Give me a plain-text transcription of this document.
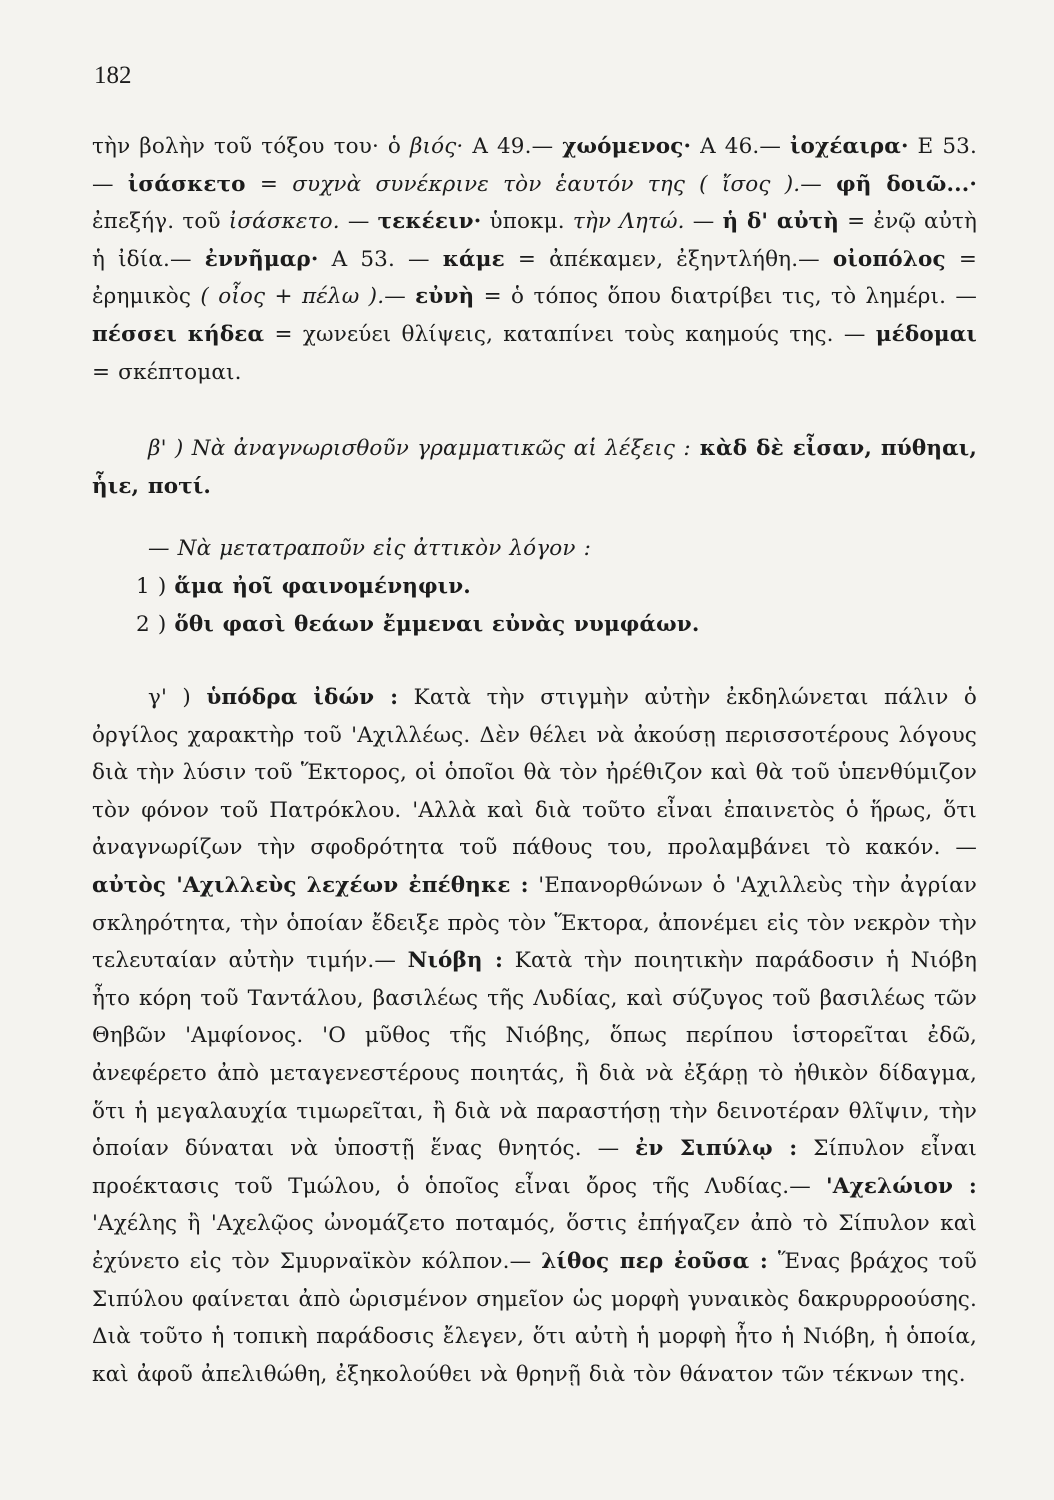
182

τὴν βολὴν τοῦ τόξου του· ὁ βιός· Α 49.— χωόμενος· Α 46.— ἰοχέαιρα· Ε 53.— ἰσάσκετο = συχνὰ συνέκρινε τὸν ἑαυτόν της ( ἴσος ).— φῆ δοιῶ...· ἐπεξήγ. τοῦ ἰσάσκετο. — τεκέειν· ὑποκμ. τὴν Λητώ. — ἡ δ' αὐτὴ = ἐνῷ αὐτὴ ἡ ἰδία.— ἐννῆμαρ· Α 53. — κάμε = ἀπέκαμεν, ἐξηντλήθη.— οἰοπόλος = ἐρημικὸς ( οἶος + πέλω ).— εὐνὴ = ὁ τόπος ὅπου διατρίβει τις, τὸ λημέρι. — πέσσει κήδεα = χωνεύει θλίψεις, καταπίνει τοὺς καημούς της. — μέδομαι = σκέπτομαι.

β' ) Νὰ ἀναγνωρισθοῦν γραμματικῶς αἱ λέξεις : κὰδ δὲ εἶσαν, πύθηαι, ἧιε, ποτί.

— Νὰ μετατραποῦν εἰς ἀττικὸν λόγον :

1 ) ἅμα ἠοῖ φαινομένηφιν.

2 ) ὅθι φασὶ θεάων ἔμμεναι εὐνὰς νυμφάων.

γ' ) ὑπόδρα ἰδών : Κατὰ τὴν στιγμὴν αὐτὴν ἐκδηλώνεται πάλιν ὁ ὀργίλος χαρακτὴρ τοῦ 'Αχιλλέως. Δὲν θέλει νὰ ἀκούσῃ περισσοτέρους λόγους διὰ τὴν λύσιν τοῦ Ἕκτορος, οἱ ὁποῖοι θὰ τὸν ἠρέθιζον καὶ θὰ τοῦ ὑπενθύμιζον τὸν φόνον τοῦ Πατρόκλου. 'Αλλὰ καὶ διὰ τοῦτο εἶναι ἐπαινετὸς ὁ ἥρως, ὅτι ἀναγνωρίζων τὴν σφοδρότητα τοῦ πάθους του, προλαμβάνει τὸ κακόν. — αὐτὸς 'Αχιλλεὺς λεχέων ἐπέθηκε : 'Επανορθώνων ὁ 'Αχιλλεὺς τὴν ἀγρίαν σκληρότητα, τὴν ὁποίαν ἔδειξε πρὸς τὸν Ἕκτορα, ἀπονέμει εἰς τὸν νεκρὸν τὴν τελευταίαν αὐτὴν τιμήν.— Νιόβη : Κατὰ τὴν ποιητικὴν παράδοσιν ἡ Νιόβη ἦτο κόρη τοῦ Ταντάλου, βασιλέως τῆς Λυδίας, καὶ σύζυγος τοῦ βασιλέως τῶν Θηβῶν 'Αμφίονος. 'Ο μῦθος τῆς Νιόβης, ὅπως περίπου ἱστορεῖται ἐδῶ, ἀνεφέρετο ἀπὸ μεταγενεστέρους ποιητάς, ἢ διὰ νὰ ἐξάρῃ τὸ ἠθικὸν δίδαγμα, ὅτι ἡ μεγαλαυχία τιμωρεῖται, ἢ διὰ νὰ παραστήσῃ τὴν δεινοτέραν θλῖψιν, τὴν ὁποίαν δύναται νὰ ὑποστῇ ἕνας θνητός. — ἐν Σιπύλῳ : Σίπυλον εἶναι προέκτασις τοῦ Τμώλου, ὁ ὁποῖος εἶναι ὄρος τῆς Λυδίας.— 'Αχελώιον : 'Αχέλης ἢ 'Αχελῷος ὠνομάζετο ποταμός, ὅστις ἐπήγαζεν ἀπὸ τὸ Σίπυλον καὶ ἐχύνετο εἰς τὸν Σμυρναϊκὸν κόλπον.— λίθος περ ἐοῦσα : Ἕνας βράχος τοῦ Σιπύλου φαίνεται ἀπὸ ὡρισμένον σημεῖον ὡς μορφὴ γυναικὸς δακρυρροούσης. Διὰ τοῦτο ἡ τοπικὴ παράδοσις ἔλεγεν, ὅτι αὐτὴ ἡ μορφὴ ἦτο ἡ Νιόβη, ἡ ὁποία, καὶ ἀφοῦ ἀπελιθώθη, ἐξηκολούθει νὰ θρηνῇ διὰ τὸν θάνατον τῶν τέκνων της.
